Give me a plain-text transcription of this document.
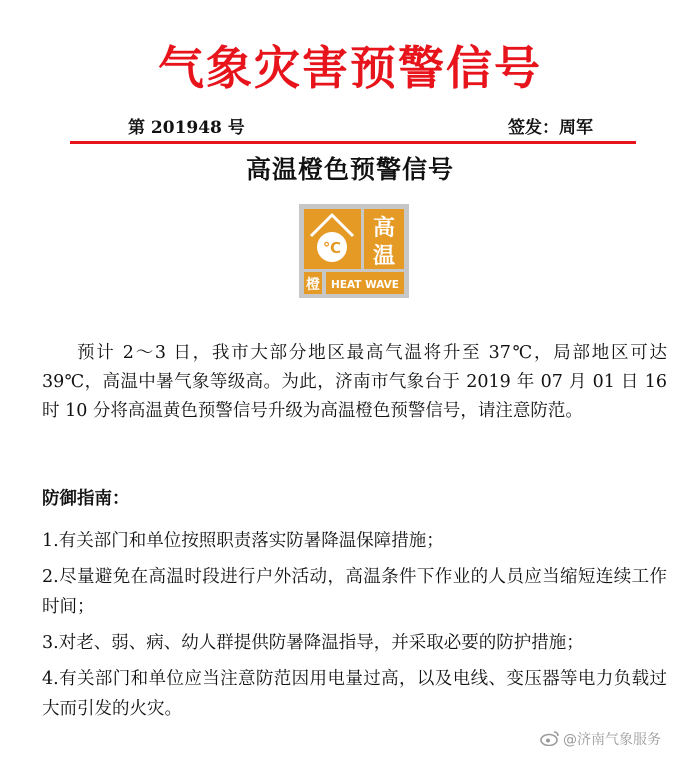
气象灾害预警信号
第 201948 号	签发：周军
高温橙色预警信号
℃
高
温
橙 HEAT WAVE

预计 2～3 日，我市大部分地区最高气温将升至 37℃，局部地区可达 39℃，高温中暑气象等级高。为此，济南市气象台于 2019 年 07 月 01 日 16 时 10 分将高温黄色预警信号升级为高温橙色预警信号，请注意防范。

防御指南：
1.有关部门和单位按照职责落实防暑降温保障措施；
2.尽量避免在高温时段进行户外活动，高温条件下作业的人员应当缩短连续工作时间；
3.对老、弱、病、幼人群提供防暑降温指导，并采取必要的防护措施；
4.有关部门和单位应当注意防范因用电量过高，以及电线、变压器等电力负载过大而引发的火灾。
@济南气象服务
